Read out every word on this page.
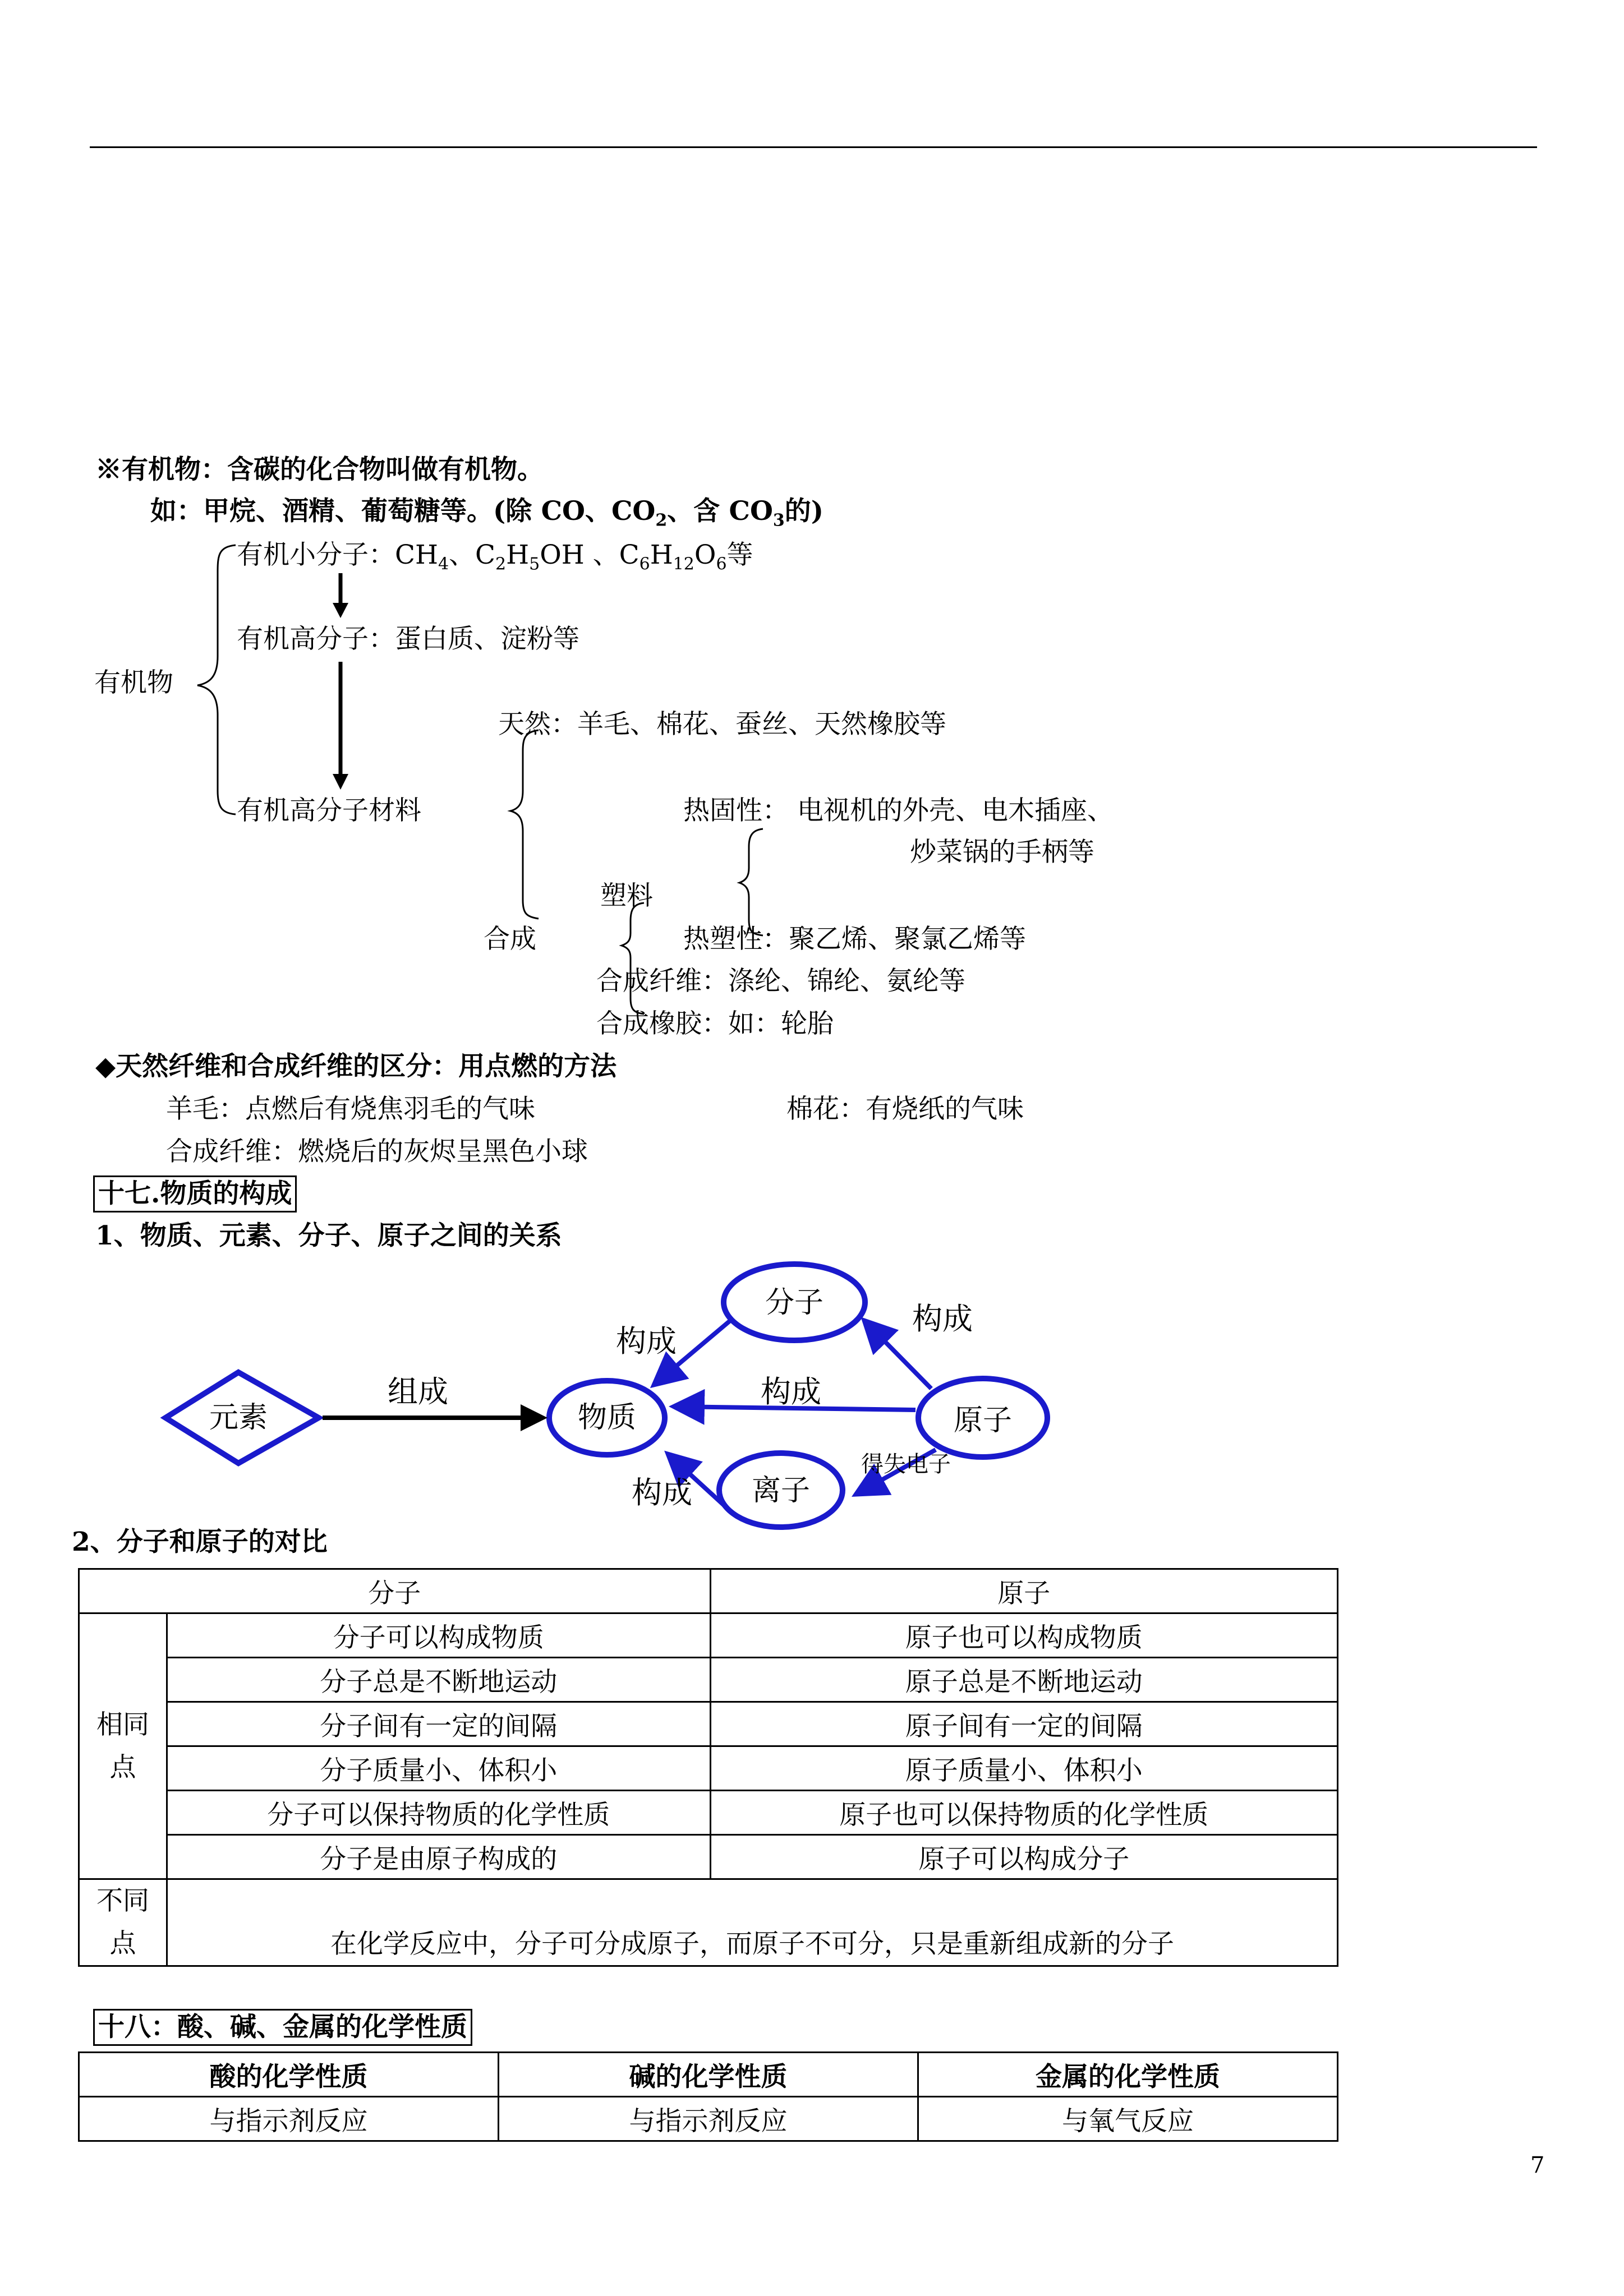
※有机物：含碳的化合物叫做有机物。
如：甲烷、酒精、葡萄糖等。(除 CO、$CO_2$、含 $CO_3$的)
有机物
有机小分子：$CH_4$、$C_2H_5OH$ 、$C_6H_{12}O_6$等
有机高分子：蛋白质、淀粉等
有机高分子材料
天然：羊毛、棉花、蚕丝、天然橡胶等
合成
塑料
热固性： 电视机的外壳、电木插座、
炒菜锅的手柄等
热塑性：聚乙烯、聚氯乙烯等
合成纤维：涤纶、锦纶、氨纶等
合成橡胶：如：轮胎
◆天然纤维和合成纤维的区分：用点燃的方法
羊毛：点燃后有烧焦羽毛的气味	棉花：有烧纸的气味
合成纤维：燃烧后的灰烬呈黑色小球
十七.物质的构成
1、物质、元素、分子、原子之间的关系
元素	物质
分子
原子
离子
组成
构成
构成
构成
得失电子
构成
2、分子和原子的对比
分子		原子
相同点	分子可以构成物质	原子也可以构成物质
	分子总是不断地运动	原子总是不断地运动
	分子间有一定的间隔	原子间有一定的间隔
	分子质量小、体积小	原子质量小、体积小
	分子可以保持物质的化学性质	原子也可以保持物质的化学性质
	分子是由原子构成的	原子可以构成分子
不同点	在化学反应中，分子可分成原子，而原子不可分，只是重新组成新的分子	
十八：酸、碱、金属的化学性质
酸的化学性质	碱的化学性质	金属的化学性质
与指示剂反应	与指示剂反应	与氧气反应
7
